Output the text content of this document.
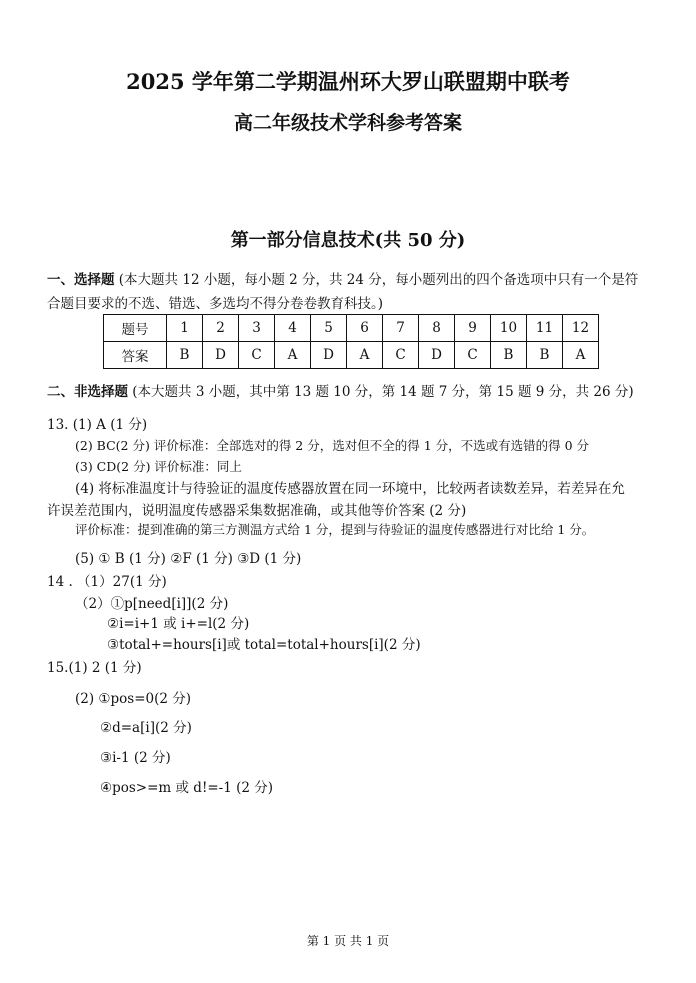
2025 学年第二学期温州环大罗山联盟期中联考
高二年级技术学科参考答案
第一部分信息技术(共 50 分)
一、选择题 (本大题共 12 小题，每小题 2 分，共 24 分，每小题列出的四个备选项中只有一个是符
合题目要求的不选、错选、多选均不得分卷卷教育科技。)
题号	1	2	3	4	5	6	7	8	9	10	11	12
答案	B	D	C	A	D	A	C	D	C	B	B	A
二、非选择题 (本大题共 3 小题，其中第 13 题 10 分，第 14 题 7 分，第 15 题 9 分，共 26 分)
13. (1) A (1 分)
(2) BC(2 分) 评价标准：全部选对的得 2 分，选对但不全的得 1 分，不选或有选错的得 0 分
(3) CD(2 分) 评价标准：同上
(4) 将标准温度计与待验证的温度传感器放置在同一环境中，比较两者读数差异，若差异在允
许误差范围内，说明温度传感器采集数据准确，或其他等价答案 (2 分)
评价标准：提到准确的第三方测温方式给 1 分，提到与待验证的温度传感器进行对比给 1 分。
(5) ① B (1 分) ②F (1 分) ③D (1 分)
14 . （1）27(1 分)
（2）①p[need[i]](2 分)
②i=i+1 或 i+=l(2 分)
③total+=hours[i]或 total=total+hours[i](2 分)
15.(1) 2 (1 分)
(2) ①pos=0(2 分)
②d=a[i](2 分)
③i-1 (2 分)
④pos>=m 或 d!=-1 (2 分)
第 1 页 共 1 页
